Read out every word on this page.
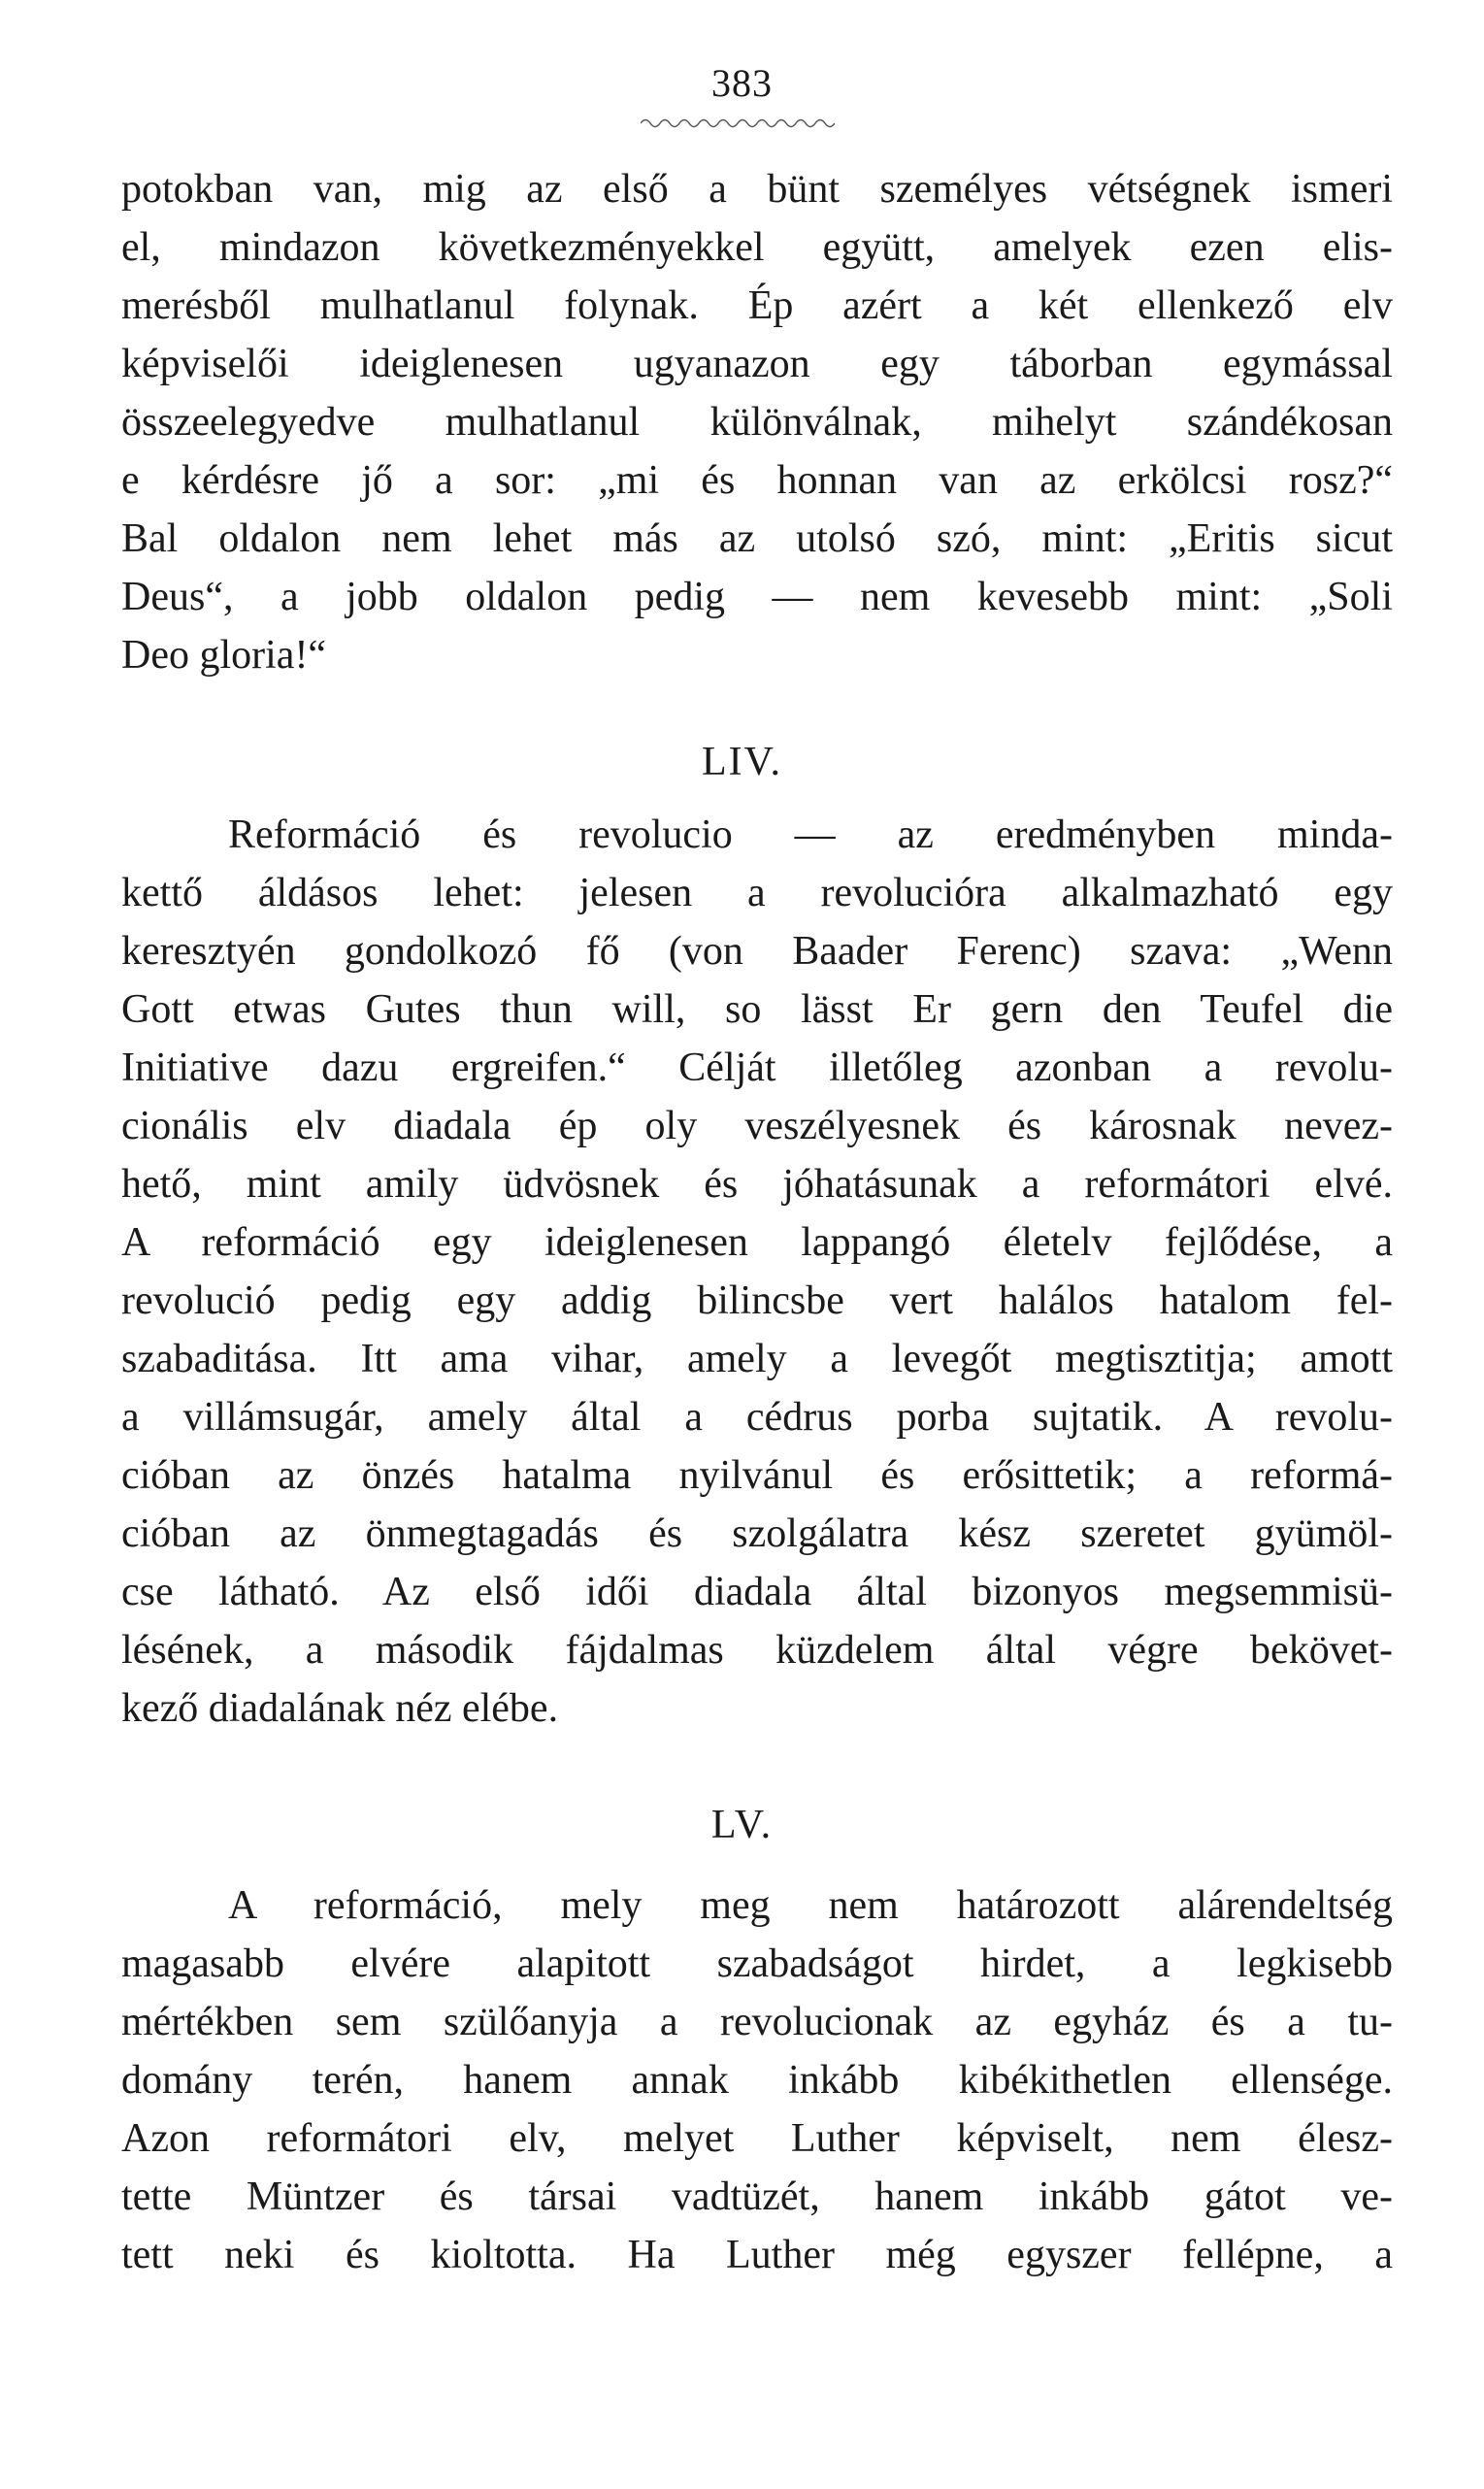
383
potokban van, mig az első a bünt személyes vétségnek ismeri
el, mindazon következményekkel együtt, amelyek ezen elis-
merésből mulhatlanul folynak. Ép azért a két ellenkező elv
képviselői ideiglenesen ugyanazon egy táborban egymással
összeelegyedve mulhatlanul különválnak, mihelyt szándékosan
e kérdésre jő a sor: „mi és honnan van az erkölcsi rosz?“
Bal oldalon nem lehet más az utolsó szó, mint: „Eritis sicut
Deus“, a jobb oldalon pedig — nem kevesebb mint: „Soli
Deo gloria!“
LIV.
Reformáció és revolucio — az eredményben minda-
kettő áldásos lehet: jelesen a revolucióra alkalmazható egy
keresztyén gondolkozó fő (von Baader Ferenc) szava: „Wenn
Gott etwas Gutes thun will, so lässt Er gern den Teufel die
Initiative dazu ergreifen.“ Célját illetőleg azonban a revolu-
cionális elv diadala ép oly veszélyesnek és károsnak nevez-
hető, mint amily üdvösnek és jóhatásunak a reformátori elvé.
A reformáció egy ideiglenesen lappangó életelv fejlődése, a
revolució pedig egy addig bilincsbe vert halálos hatalom fel-
szabaditása. Itt ama vihar, amely a levegőt megtisztitja; amott
a villámsugár, amely által a cédrus porba sujtatik. A revolu-
cióban az önzés hatalma nyilvánul és erősittetik; a reformá-
cióban az önmegtagadás és szolgálatra kész szeretet gyümöl-
cse látható. Az első idői diadala által bizonyos megsemmisü-
lésének, a második fájdalmas küzdelem által végre bekövet-
kező diadalának néz elébe.
LV.
A reformáció, mely meg nem határozott alárendeltség
magasabb elvére alapitott szabadságot hirdet, a legkisebb
mértékben sem szülőanyja a revolucionak az egyház és a tu-
domány terén, hanem annak inkább kibékithetlen ellensége.
Azon reformátori elv, melyet Luther képviselt, nem élesz-
tette Müntzer és társai vadtüzét, hanem inkább gátot ve-
tett neki és kioltotta. Ha Luther még egyszer fellépne, a
